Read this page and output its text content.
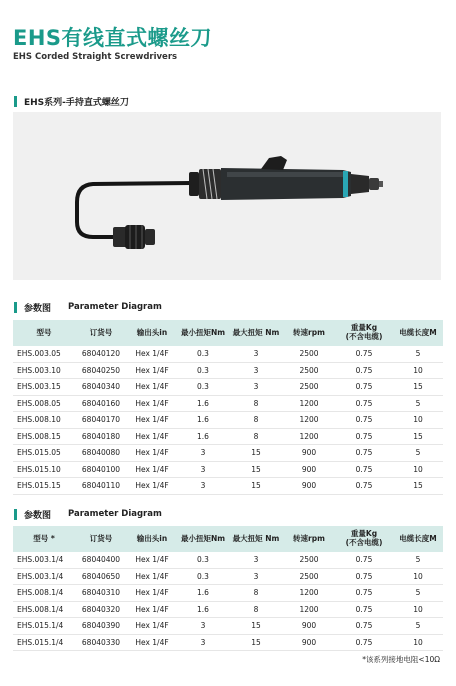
EHS有线直式螺丝刀
EHS Corded Straight Screwdrivers
EHS系列-手持直式螺丝刀
参数图 Parameter Diagram
型号	订货号	输出头in	最小扭矩Nm	最大扭矩 Nm	转速rpm	重量Kg
(不含电缆)	电缆长度M
EHS.003.05	68040120	Hex 1/4F	0.3	3	2500	0.75	5
EHS.003.10	68040250	Hex 1/4F	0.3	3	2500	0.75	10
EHS.003.15	68040340	Hex 1/4F	0.3	3	2500	0.75	15
EHS.008.05	68040160	Hex 1/4F	1.6	8	1200	0.75	5
EHS.008.10	68040170	Hex 1/4F	1.6	8	1200	0.75	10
EHS.008.15	68040180	Hex 1/4F	1.6	8	1200	0.75	15
EHS.015.05	68040080	Hex 1/4F	3	15	900	0.75	5
EHS.015.10	68040100	Hex 1/4F	3	15	900	0.75	10
EHS.015.15	68040110	Hex 1/4F	3	15	900	0.75	15
参数图 Parameter Diagram
型号 *	订货号	输出头in	最小扭矩Nm	最大扭矩 Nm	转速rpm	重量Kg
(不含电缆)	电缆长度M
EHS.003.1/4	68040400	Hex 1/4F	0.3	3	2500	0.75	5
EHS.003.1/4	68040650	Hex 1/4F	0.3	3	2500	0.75	10
EHS.008.1/4	68040310	Hex 1/4F	1.6	8	1200	0.75	5
EHS.008.1/4	68040320	Hex 1/4F	1.6	8	1200	0.75	10
EHS.015.1/4	68040390	Hex 1/4F	3	15	900	0.75	5
EHS.015.1/4	68040330	Hex 1/4F	3	15	900	0.75	10
*该系列接地电阻<10Ω
